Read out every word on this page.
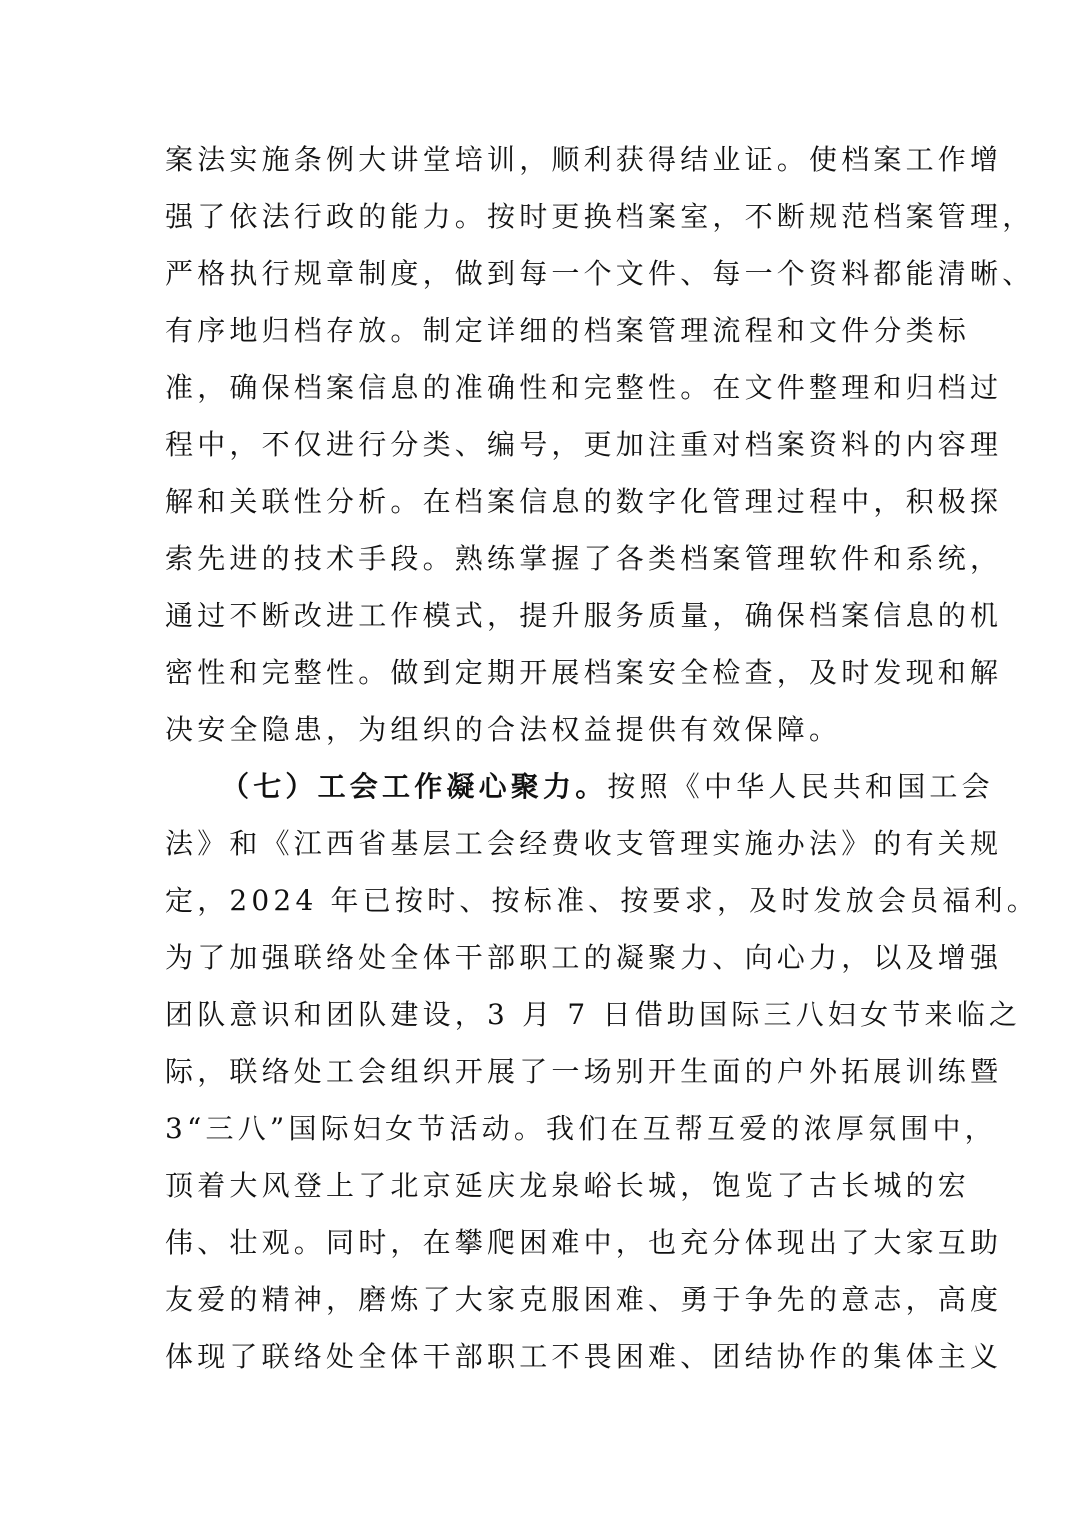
案法实施条例大讲堂培训，顺利获得结业证。使档案工作增
强了依法行政的能力。按时更换档案室，不断规范档案管理，
严格执行规章制度，做到每一个文件、每一个资料都能清晰、
有序地归档存放。制定详细的档案管理流程和文件分类标
准，确保档案信息的准确性和完整性。在文件整理和归档过
程中，不仅进行分类、编号，更加注重对档案资料的内容理
解和关联性分析。在档案信息的数字化管理过程中，积极探
索先进的技术手段。熟练掌握了各类档案管理软件和系统，
通过不断改进工作模式，提升服务质量，确保档案信息的机
密性和完整性。做到定期开展档案安全检查，及时发现和解
决安全隐患，为组织的合法权益提供有效保障。
（七）工会工作凝心聚力。按照《中华人民共和国工会
法》和《江西省基层工会经费收支管理实施办法》的有关规
定，2024 年已按时、按标准、按要求，及时发放会员福利。
为了加强联络处全体干部职工的凝聚力、向心力，以及增强
团队意识和团队建设，3 月 7 日借助国际三八妇女节来临之
际，联络处工会组织开展了一场别开生面的户外拓展训练暨
3“三八”国际妇女节活动。我们在互帮互爱的浓厚氛围中，
顶着大风登上了北京延庆龙泉峪长城，饱览了古长城的宏
伟、壮观。同时，在攀爬困难中，也充分体现出了大家互助
友爱的精神，磨炼了大家克服困难、勇于争先的意志，高度
体现了联络处全体干部职工不畏困难、团结协作的集体主义
